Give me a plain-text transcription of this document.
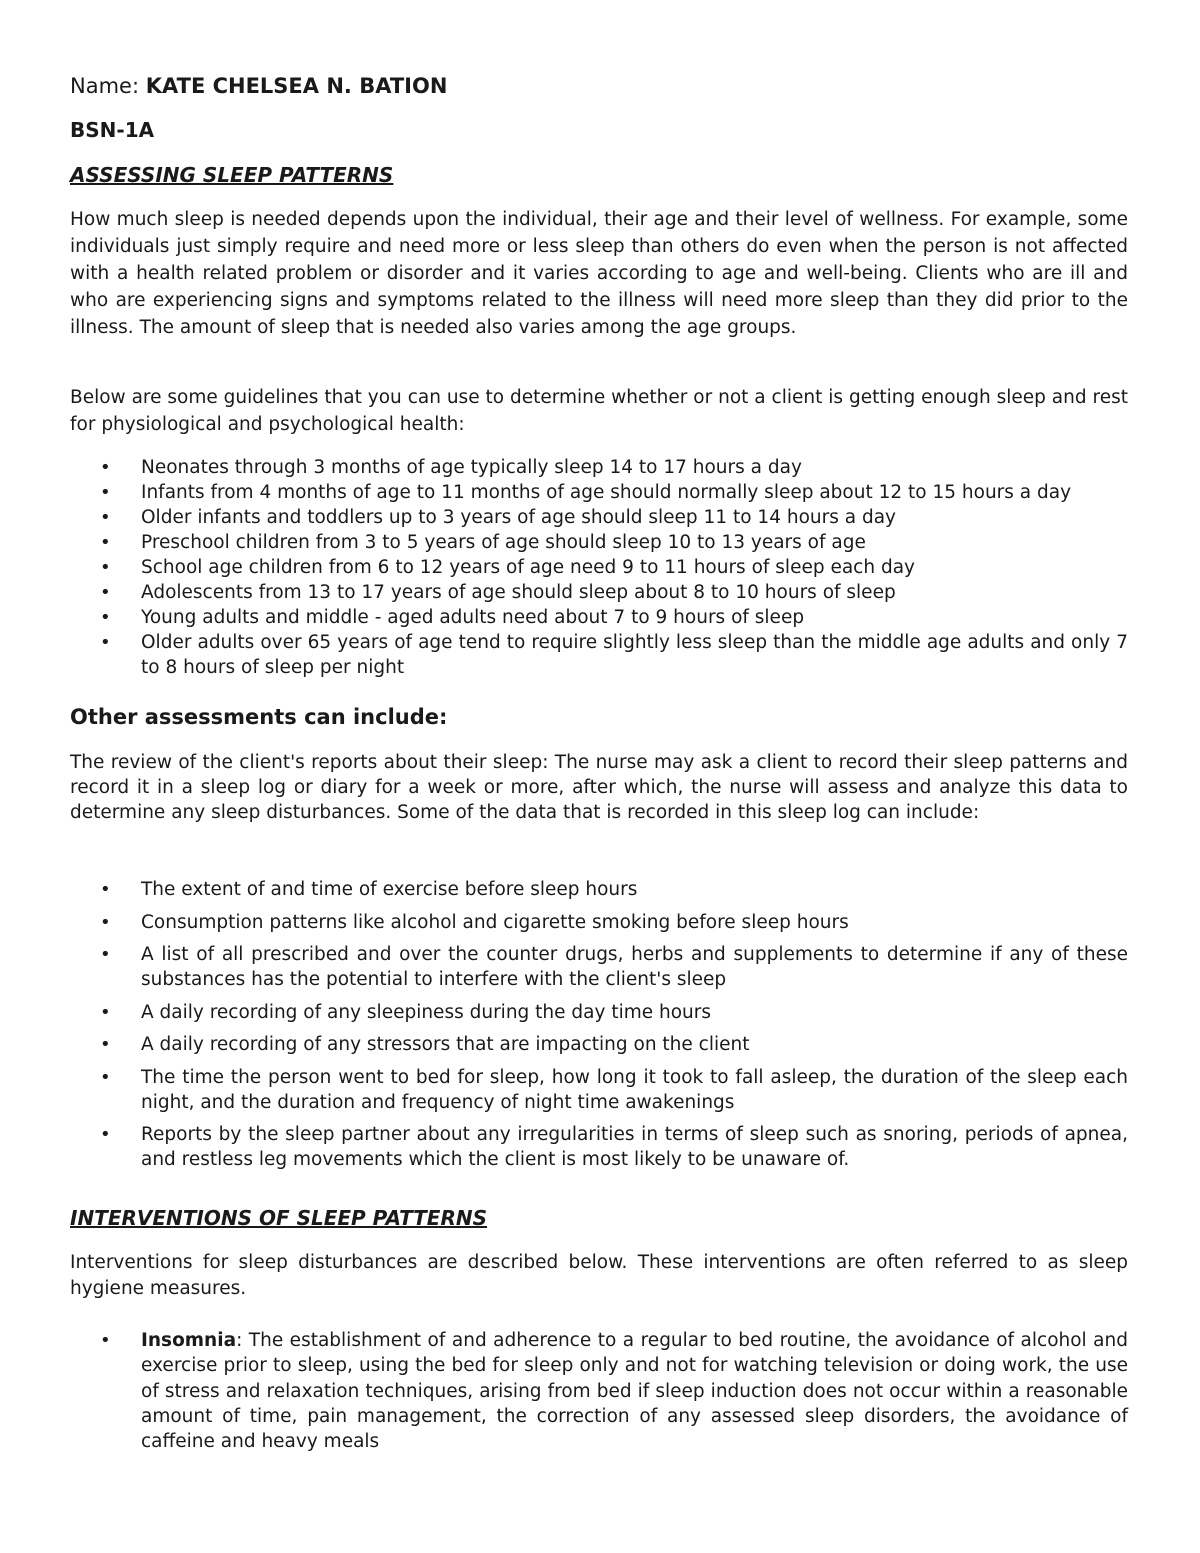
Name: KATE CHELSEA N. BATION

BSN-1A

ASSESSING SLEEP PATTERNS

How much sleep is needed depends upon the individual, their age and their level of wellness. For example, some individuals just simply require and need more or less sleep than others do even when the person is not affected with a health related problem or disorder and it varies according to age and well-being. Clients who are ill and who are experiencing signs and symptoms related to the illness will need more sleep than they did prior to the illness. The amount of sleep that is needed also varies among the age groups.

Below are some guidelines that you can use to determine whether or not a client is getting enough sleep and rest for physiological and psychological health:

• Neonates through 3 months of age typically sleep 14 to 17 hours a day
• Infants from 4 months of age to 11 months of age should normally sleep about 12 to 15 hours a day
• Older infants and toddlers up to 3 years of age should sleep 11 to 14 hours a day
• Preschool children from 3 to 5 years of age should sleep 10 to 13 years of age
• School age children from 6 to 12 years of age need 9 to 11 hours of sleep each day
• Adolescents from 13 to 17 years of age should sleep about 8 to 10 hours of sleep
• Young adults and middle - aged adults need about 7 to 9 hours of sleep
• Older adults over 65 years of age tend to require slightly less sleep than the middle age adults and only 7 to 8 hours of sleep per night

Other assessments can include:

The review of the client's reports about their sleep: The nurse may ask a client to record their sleep patterns and record it in a sleep log or diary for a week or more, after which, the nurse will assess and analyze this data to determine any sleep disturbances. Some of the data that is recorded in this sleep log can include:

• The extent of and time of exercise before sleep hours
• Consumption patterns like alcohol and cigarette smoking before sleep hours
• A list of all prescribed and over the counter drugs, herbs and supplements to determine if any of these substances has the potential to interfere with the client's sleep
• A daily recording of any sleepiness during the day time hours
• A daily recording of any stressors that are impacting on the client
• The time the person went to bed for sleep, how long it took to fall asleep, the duration of the sleep each night, and the duration and frequency of night time awakenings
• Reports by the sleep partner about any irregularities in terms of sleep such as snoring, periods of apnea, and restless leg movements which the client is most likely to be unaware of.

INTERVENTIONS OF SLEEP PATTERNS

Interventions for sleep disturbances are described below. These interventions are often referred to as sleep hygiene measures.

• Insomnia: The establishment of and adherence to a regular to bed routine, the avoidance of alcohol and exercise prior to sleep, using the bed for sleep only and not for watching television or doing work, the use of stress and relaxation techniques, arising from bed if sleep induction does not occur within a reasonable amount of time, pain management, the correction of any assessed sleep disorders, the avoidance of caffeine and heavy meals
